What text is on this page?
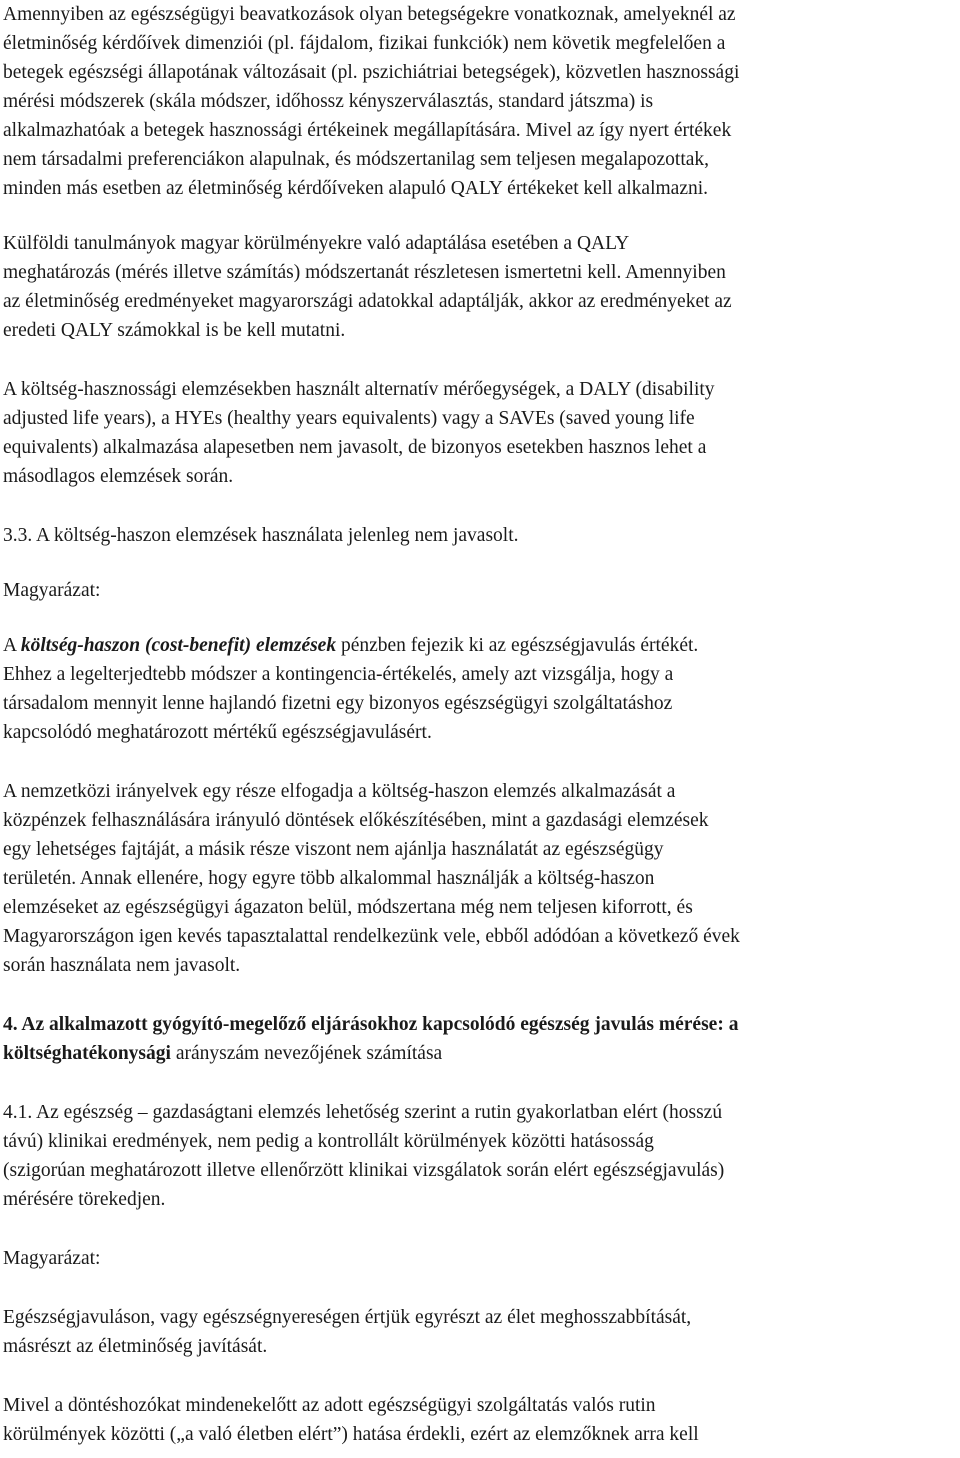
Amennyiben az egészségügyi beavatkozások olyan betegségekre vonatkoznak, amelyeknél az
életminőség kérdőívek dimenziói (pl. fájdalom, fizikai funkciók) nem követik megfelelően a
betegek egészségi állapotának változásait (pl. pszichiátriai betegségek), közvetlen hasznossági
mérési módszerek (skála módszer, időhossz kényszerválasztás, standard játszma) is
alkalmazhatóak a betegek hasznossági értékeinek megállapítására. Mivel az így nyert értékek
nem társadalmi preferenciákon alapulnak, és módszertanilag sem teljesen megalapozottak,
minden más esetben az életminőség kérdőíveken alapuló QALY értékeket kell alkalmazni.
Külföldi tanulmányok magyar körülményekre való adaptálása esetében a QALY
meghatározás (mérés illetve számítás) módszertanát részletesen ismertetni kell. Amennyiben
az életminőség eredményeket magyarországi adatokkal adaptálják, akkor az eredményeket az
eredeti QALY számokkal is be kell mutatni.
A költség-hasznossági elemzésekben használt alternatív mérőegységek, a DALY (disability
adjusted life years), a HYEs (healthy years equivalents) vagy a SAVEs (saved young life
equivalents) alkalmazása alapesetben nem javasolt, de bizonyos esetekben hasznos lehet a
másodlagos elemzések során.
3.3. A költség-haszon elemzések használata jelenleg nem javasolt.
Magyarázat:
A költség-haszon (cost-benefit) elemzések pénzben fejezik ki az egészségjavulás értékét.
Ehhez a legelterjedtebb módszer a kontingencia-értékelés, amely azt vizsgálja, hogy a
társadalom mennyit lenne hajlandó fizetni egy bizonyos egészségügyi szolgáltatáshoz
kapcsolódó meghatározott mértékű egészségjavulásért.
A nemzetközi irányelvek egy része elfogadja a költség-haszon elemzés alkalmazását a
közpénzek felhasználására irányuló döntések előkészítésében, mint a gazdasági elemzések
egy lehetséges fajtáját, a másik része viszont nem ajánlja használatát az egészségügy
területén. Annak ellenére, hogy egyre több alkalommal használják a költség-haszon
elemzéseket az egészségügyi ágazaton belül, módszertana még nem teljesen kiforrott, és
Magyarországon igen kevés tapasztalattal rendelkezünk vele, ebből adódóan a következő évek
során használata nem javasolt.
4. Az alkalmazott gyógyító-megelőző eljárásokhoz kapcsolódó egészség javulás mérése: a
költséghatékonysági arányszám nevezőjének számítása
4.1. Az egészség – gazdaságtani elemzés lehetőség szerint a rutin gyakorlatban elért (hosszú
távú) klinikai eredmények, nem pedig a kontrollált körülmények közötti hatásosság
(szigorúan meghatározott illetve ellenőrzött klinikai vizsgálatok során elért egészségjavulás)
mérésére törekedjen.
Magyarázat:
Egészségjavuláson, vagy egészségnyereségen értjük egyrészt az élet meghosszabbítását,
másrészt az életminőség javítását.
Mivel a döntéshozókat mindenekelőtt az adott egészségügyi szolgáltatás valós rutin
körülmények közötti („a való életben elért”) hatása érdekli, ezért az elemzőknek arra kell
